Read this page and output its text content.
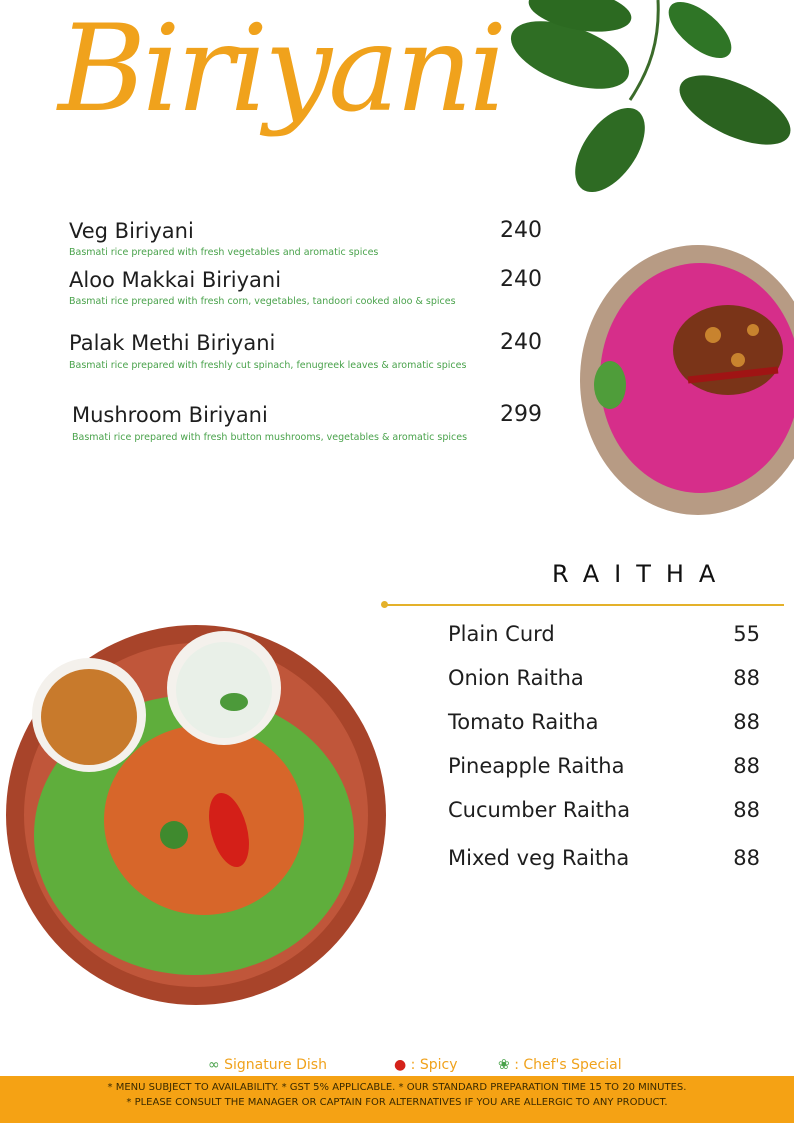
Biriyani
Veg Biriyani	240
Basmati rice prepared with fresh vegetables and aromatic spices
Aloo Makkai Biriyani	240
Basmati rice prepared with fresh corn, vegetables, tandoori cooked aloo & spices
Palak Methi Biriyani	240
Basmati rice prepared with freshly cut spinach, fenugreek leaves & aromatic spices
Mushroom Biriyani	299
Basmati rice prepared with fresh button mushrooms, vegetables & aromatic spices
RAITHA
Plain Curd	55
Onion Raitha	88
Tomato Raitha	88
Pineapple Raitha	88
Cucumber Raitha	88
Mixed veg Raitha	88
∞ Signature Dish	● : Spicy	❀ : Chef's Special
* MENU SUBJECT TO AVAILABILITY. * GST 5% APPLICABLE. * OUR STANDARD PREPARATION TIME 15 TO 20 MINUTES.
* PLEASE CONSULT THE MANAGER OR CAPTAIN FOR ALTERNATIVES IF YOU ARE ALLERGIC TO ANY PRODUCT.
